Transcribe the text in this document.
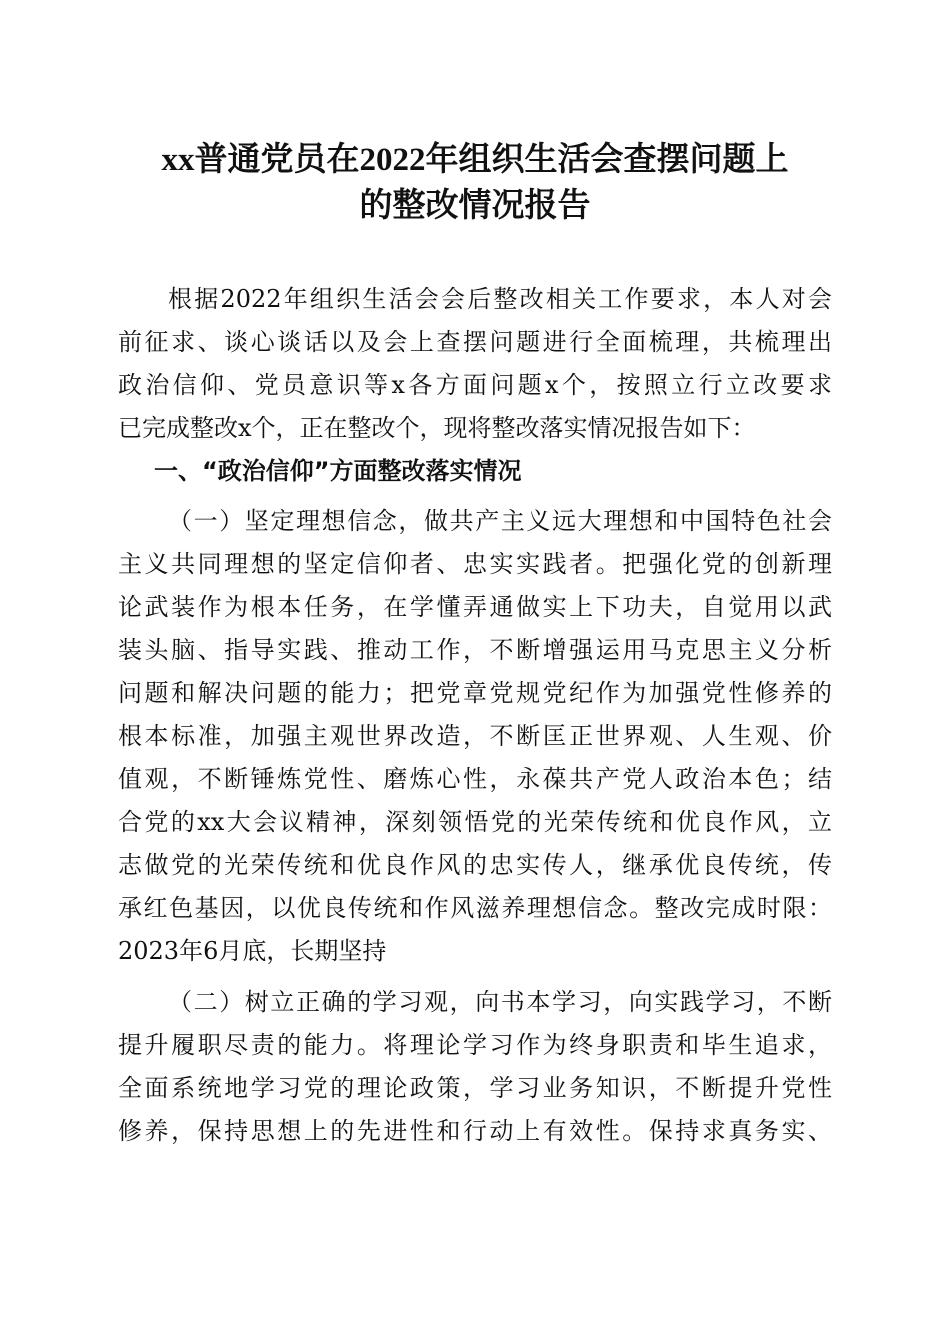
xx普通党员在2022年组织生活会查摆问题上
的整改情况报告
根据2022年组织生活会会后整改相关工作要求，本人对会
前征求、谈心谈话以及会上查摆问题进行全面梳理，共梳理出
政治信仰、党员意识等x各方面问题x个，按照立行立改要求
已完成整改x个，正在整改个，现将整改落实情况报告如下：
一、“政治信仰”方面整改落实情况
（一）坚定理想信念，做共产主义远大理想和中国特色社会
主义共同理想的坚定信仰者、忠实实践者。把强化党的创新理
论武装作为根本任务，在学懂弄通做实上下功夫，自觉用以武
装头脑、指导实践、推动工作，不断增强运用马克思主义分析
问题和解决问题的能力；把党章党规党纪作为加强党性修养的
根本标准，加强主观世界改造，不断匡正世界观、人生观、价
值观，不断锤炼党性、磨炼心性，永葆共产党人政治本色；结
合党的xx大会议精神，深刻领悟党的光荣传统和优良作风，立
志做党的光荣传统和优良作风的忠实传人，继承优良传统，传
承红色基因，以优良传统和作风滋养理想信念。整改完成时限：
2023年6月底，长期坚持
（二）树立正确的学习观，向书本学习，向实践学习，不断
提升履职尽责的能力。将理论学习作为终身职责和毕生追求，
全面系统地学习党的理论政策，学习业务知识，不断提升党性
修养，保持思想上的先进性和行动上有效性。保持求真务实、
